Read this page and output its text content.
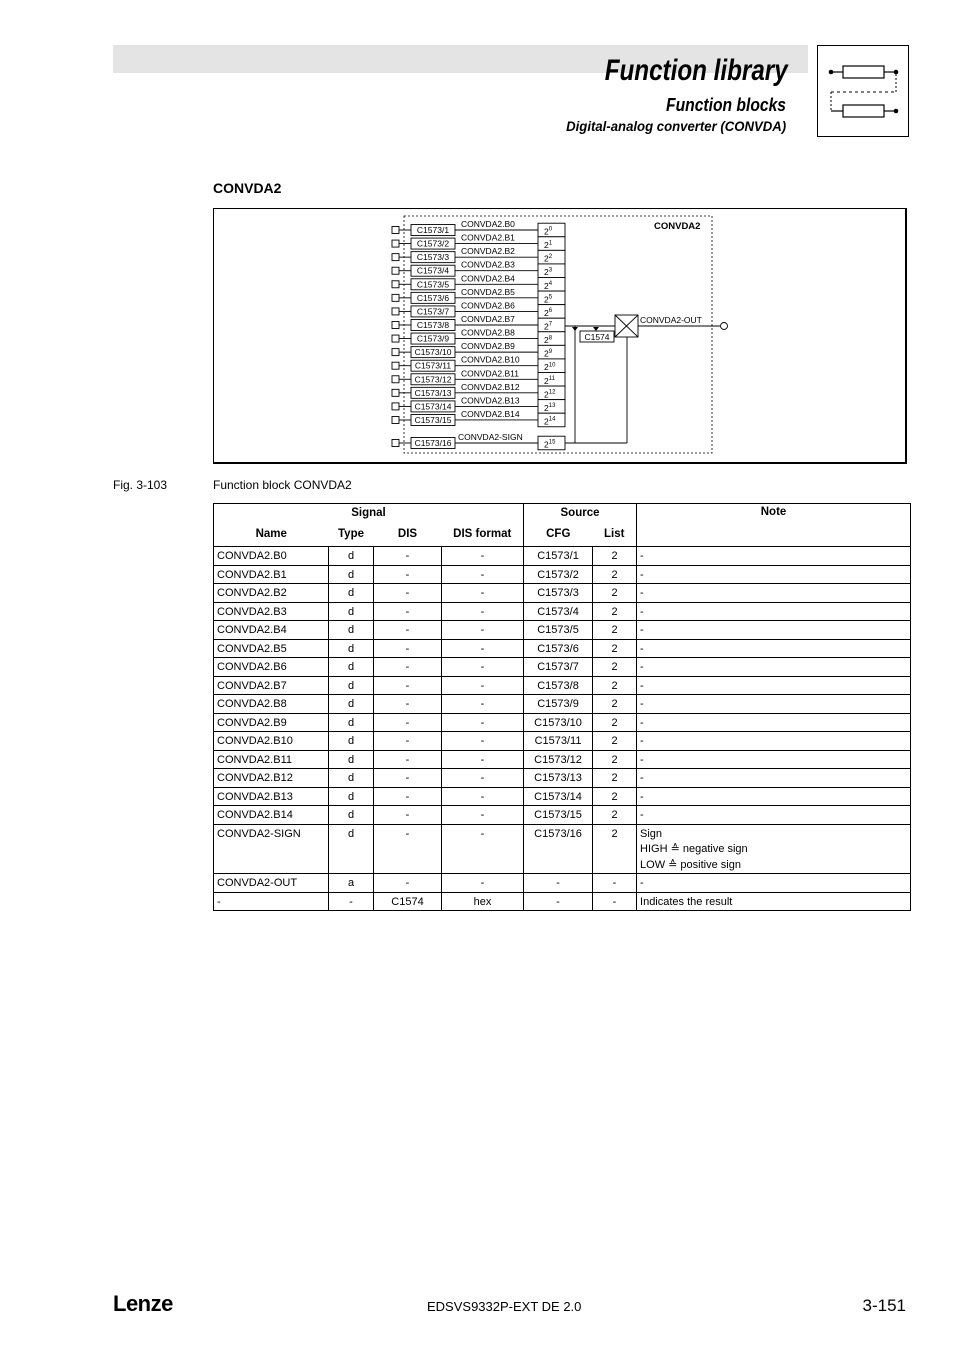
Function library
Function blocks
Digital-analog converter (CONVDA)
CONVDA2
CONVDA2
C1573/1
CONVDA2.B0
$2^0$
C1573/2
CONVDA2.B1
$2^1$
C1573/3
CONVDA2.B2
$2^2$
C1573/4
CONVDA2.B3
$2^3$
C1573/5
CONVDA2.B4
$2^4$
C1573/6
CONVDA2.B5
$2^5$
C1573/7
CONVDA2.B6
$2^6$
C1573/8
CONVDA2.B7
$2^7$
C1573/9
CONVDA2.B8
$2^8$
C1573/10
CONVDA2.B9
$2^9$
C1573/11
CONVDA2.B10
$2^{10}$
C1573/12
CONVDA2.B11
$2^{11}$
C1573/13
CONVDA2.B12
$2^{12}$
C1573/14
CONVDA2.B13
$2^{13}$
C1573/15
CONVDA2.B14
$2^{14}$
C1573/16
CONVDA2-SIGN
$2^{15}$
C1574
CONVDA2-OUT
Fig. 3-103	Function block CONVDA2
Signal				Source		Note
Name	Type	DIS	DIS format	CFG	List	
CONVDA2.B0	d	-	-	C1573/1	2	-

CONVDA2.B1	d	-	-	C1573/2	2	-

CONVDA2.B2	d	-	-	C1573/3	2	-

CONVDA2.B3	d	-	-	C1573/4	2	-

CONVDA2.B4	d	-	-	C1573/5	2	-

CONVDA2.B5	d	-	-	C1573/6	2	-

CONVDA2.B6	d	-	-	C1573/7	2	-

CONVDA2.B7	d	-	-	C1573/8	2	-

CONVDA2.B8	d	-	-	C1573/9	2	-

CONVDA2.B9	d	-	-	C1573/10	2	-

CONVDA2.B10	d	-	-	C1573/11	2	-

CONVDA2.B11	d	-	-	C1573/12	2	-

CONVDA2.B12	d	-	-	C1573/13	2	-

CONVDA2.B13	d	-	-	C1573/14	2	-

CONVDA2.B14	d	-	-	C1573/15	2	-

CONVDA2-SIGN	d	-	-	C1573/16	2	Sign
HIGH ≙ negative sign
LOW ≙ positive sign

CONVDA2-OUT	a	-	-	-	-	-

-	-	C1574	hex	-	-	Indicates the result
Lenze	EDSVS9332P-EXT DE 2.0	3-151
